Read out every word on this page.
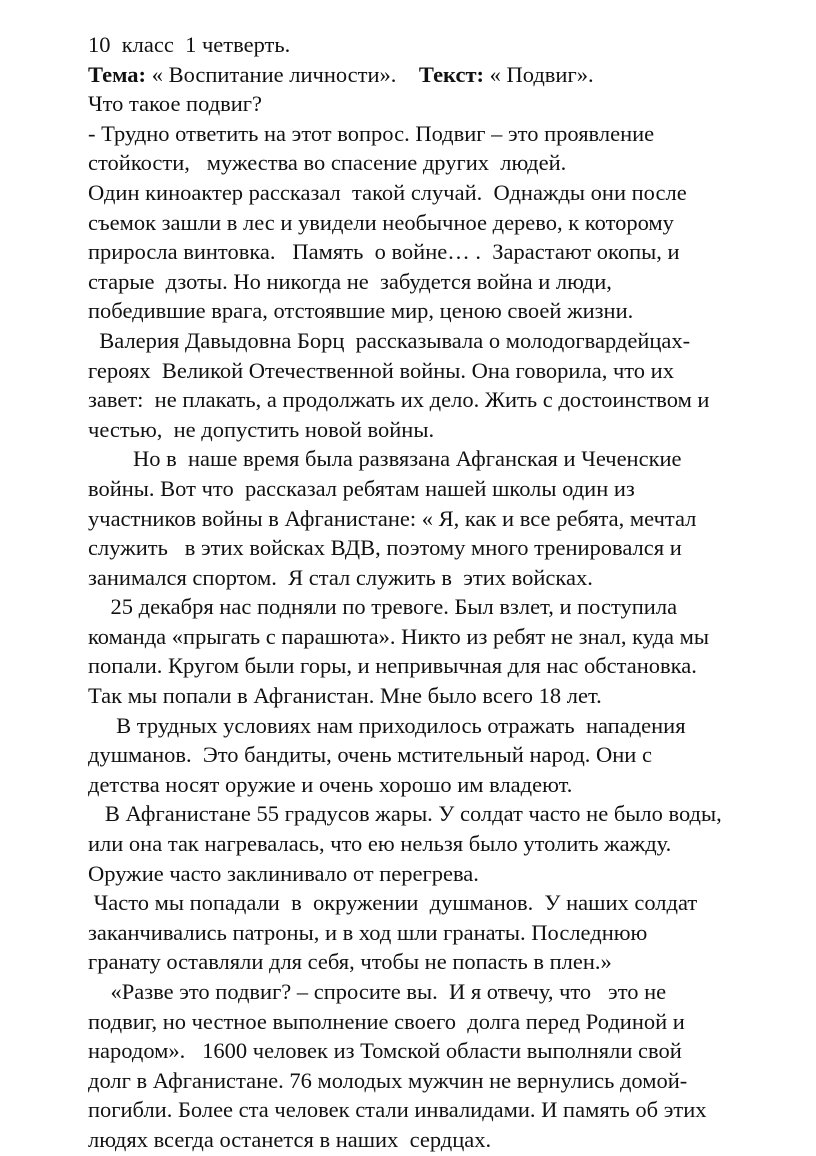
10  класс  1 четверть.
Тема: « Воспитание личности».    Текст: « Подвиг».
Что такое подвиг?
- Трудно ответить на этот вопрос. Подвиг – это проявление
стойкости,   мужества во спасение других  людей.
Один киноактер рассказал  такой случай.  Однажды они после
съемок зашли в лес и увидели необычное дерево, к которому
приросла винтовка.   Память  о войне… .  Зарастают окопы, и
старые  дзоты. Но никогда не  забудется война и люди,
победившие врага, отстоявшие мир, ценою своей жизни.
Валерия Давыдовна Борц  рассказывала о молодогвардейцах-
героях  Великой Отечественной войны. Она говорила, что их
завет:  не плакать, а продолжать их дело. Жить с достоинством и
честью,  не допустить новой войны.
Но в  наше время была развязана Афганская и Чеченские
войны. Вот что  рассказал ребятам нашей школы один из
участников войны в Афганистане: « Я, как и все ребята, мечтал
служить   в этих войсках ВДВ, поэтому много тренировался и
занимался спортом.  Я стал служить в  этих войсках.
25 декабря нас подняли по тревоге. Был взлет, и поступила
команда «прыгать с парашюта». Никто из ребят не знал, куда мы
попали. Кругом были горы, и непривычная для нас обстановка.
Так мы попали в Афганистан. Мне было всего 18 лет.
В трудных условиях нам приходилось отражать  нападения
душманов.  Это бандиты, очень мстительный народ. Они с
детства носят оружие и очень хорошо им владеют.
В Афганистане 55 градусов жары. У солдат часто не было воды,
или она так нагревалась, что ею нельзя было утолить жажду.
Оружие часто заклинивало от перегрева.
Часто мы попадали  в  окружении  душманов.  У наших солдат
заканчивались патроны, и в ход шли гранаты. Последнюю
гранату оставляли для себя, чтобы не попасть в плен.»
«Разве это подвиг? – спросите вы.  И я отвечу, что   это не
подвиг, но честное выполнение своего  долга перед Родиной и
народом».   1600 человек из Томской области выполняли свой
долг в Афганистане. 76 молодых мужчин не вернулись домой-
погибли. Более ста человек стали инвалидами. И память об этих
людях всегда останется в наших  сердцах.
